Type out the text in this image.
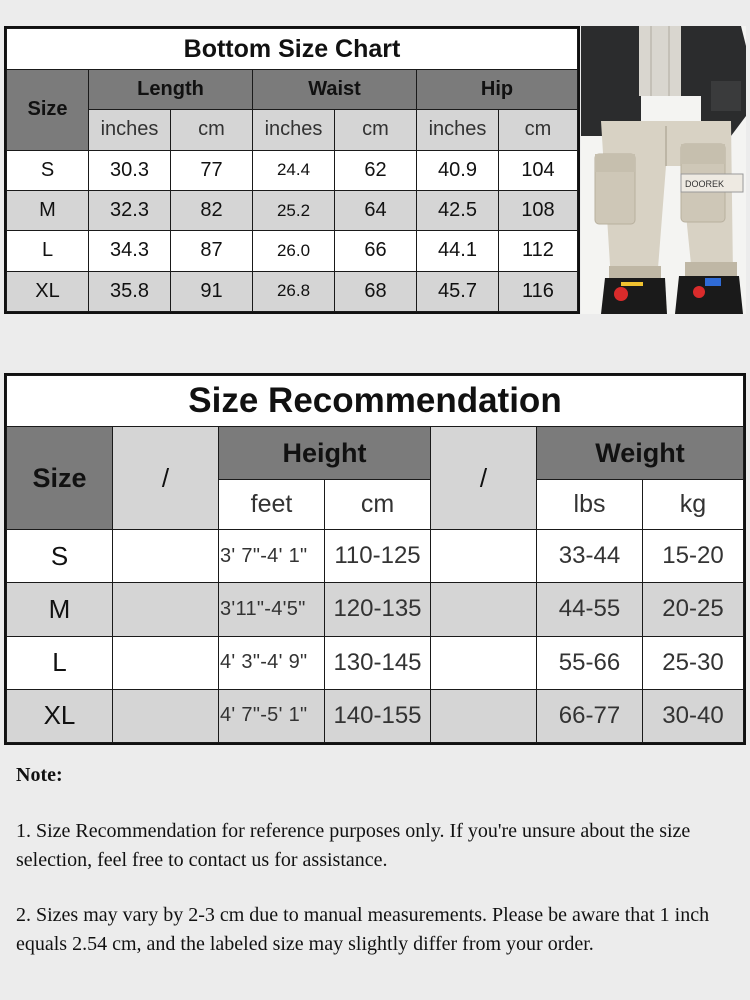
Bottom Size Chart						
Size	Length		Waist		Hip	
	inches	cm	inches	cm	inches	cm
S	30.3	77	24.4	62	40.9	104
M	32.3	82	25.2	64	42.5	108
L	34.3	87	26.0	66	44.1	112
XL	35.8	91	26.8	68	45.7	116
DOOREK
Size Recommendation						
Size	/	Height		/	Weight	
		feet	cm		lbs	kg
S		3' 7"-4' 1"	110-125		33-44	15-20
M		3'11"-4'5"	120-135		44-55	20-25
L		4' 3"-4' 9"	130-145		55-66	25-30
XL		4' 7"-5' 1"	140-155		66-77	30-40
Note:

1. Size Recommendation for reference purposes only. If you're unsure about the size selection, feel free to contact us for assistance.

2. Sizes may vary by 2-3 cm due to manual measurements. Please be aware that 1 inch equals 2.54 cm, and the labeled size may slightly differ from your order.
